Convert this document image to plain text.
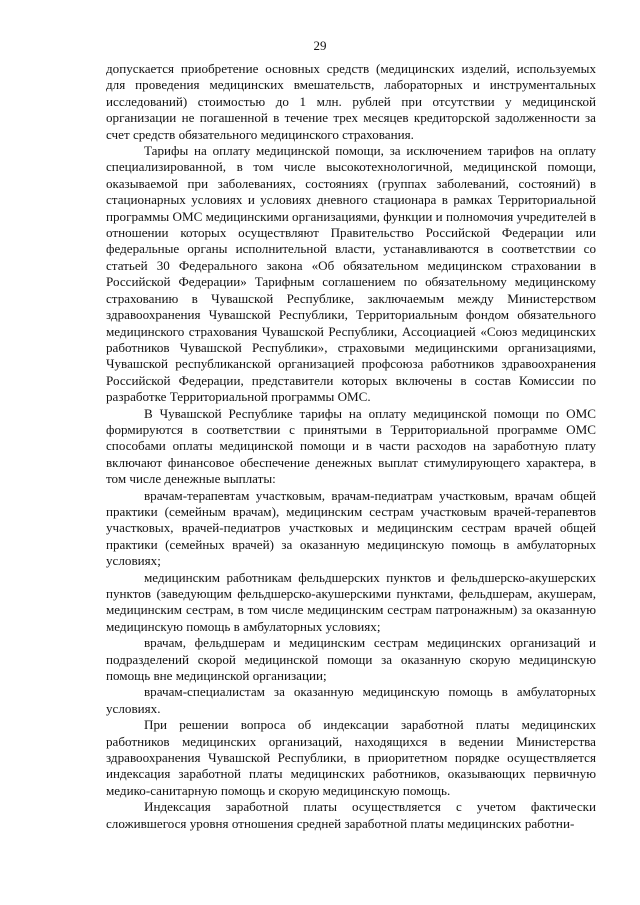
29

допускается приобретение основных средств (медицинских изделий, используемых для проведения медицинских вмешательств, лабораторных и инструментальных исследований) стоимостью до 1 млн. рублей при отсутствии у медицинской организации не погашенной в течение трех месяцев кредиторской задолженности за счет средств обязательного медицинского страхования.

Тарифы на оплату медицинской помощи, за исключением тарифов на оплату специализированной, в том числе высокотехнологичной, медицинской помощи, оказываемой при заболеваниях, состояниях (группах заболеваний, состояний) в стационарных условиях и условиях дневного стационара в рамках Территориальной программы ОМС медицинскими организациями, функции и полномочия учредителей в отношении которых осуществляют Правительство Российской Федерации или федеральные органы исполнительной власти, устанавливаются в соответствии со статьей 30 Федерального закона «Об обязательном медицинском страховании в Российской Федерации» Тарифным соглашением по обязательному медицинскому страхованию в Чувашской Республике, заключаемым между Министерством здравоохранения Чувашской Республики, Территориальным фондом обязательного медицинского страхования Чувашской Республики, Ассоциацией «Союз медицинских работников Чувашской Республики», страховыми медицинскими организациями, Чувашской республиканской организацией профсоюза работников здравоохранения Российской Федерации, представители которых включены в состав Комиссии по разработке Территориальной программы ОМС.

В Чувашской Республике тарифы на оплату медицинской помощи по ОМС формируются в соответствии с принятыми в Территориальной программе ОМС способами оплаты медицинской помощи и в части расходов на заработную плату включают финансовое обеспечение денежных выплат стимулирующего характера, в том числе денежные выплаты:

врачам-терапевтам участковым, врачам-педиатрам участковым, врачам общей практики (семейным врачам), медицинским сестрам участковым врачей-терапевтов участковых, врачей-педиатров участковых и медицинским сестрам врачей общей практики (семейных врачей) за оказанную медицинскую помощь в амбулаторных условиях;

медицинским работникам фельдшерских пунктов и фельдшерско-акушерских пунктов (заведующим фельдшерско-акушерскими пунктами, фельдшерам, акушерам, медицинским сестрам, в том числе медицинским сестрам патронажным) за оказанную медицинскую помощь в амбулаторных условиях;

врачам, фельдшерам и медицинским сестрам медицинских организаций и подразделений скорой медицинской помощи за оказанную скорую медицинскую помощь вне медицинской организации;

врачам-специалистам за оказанную медицинскую помощь в амбулаторных условиях.

При решении вопроса об индексации заработной платы медицинских работников медицинских организаций, находящихся в ведении Министерства здравоохранения Чувашской Республики, в приоритетном порядке осуществляется индексация заработной платы медицинских работников, оказывающих первичную медико-санитарную помощь и скорую медицинскую помощь.

Индексация заработной платы осуществляется с учетом фактически сложившегося уровня отношения средней заработной платы медицинских работни-
